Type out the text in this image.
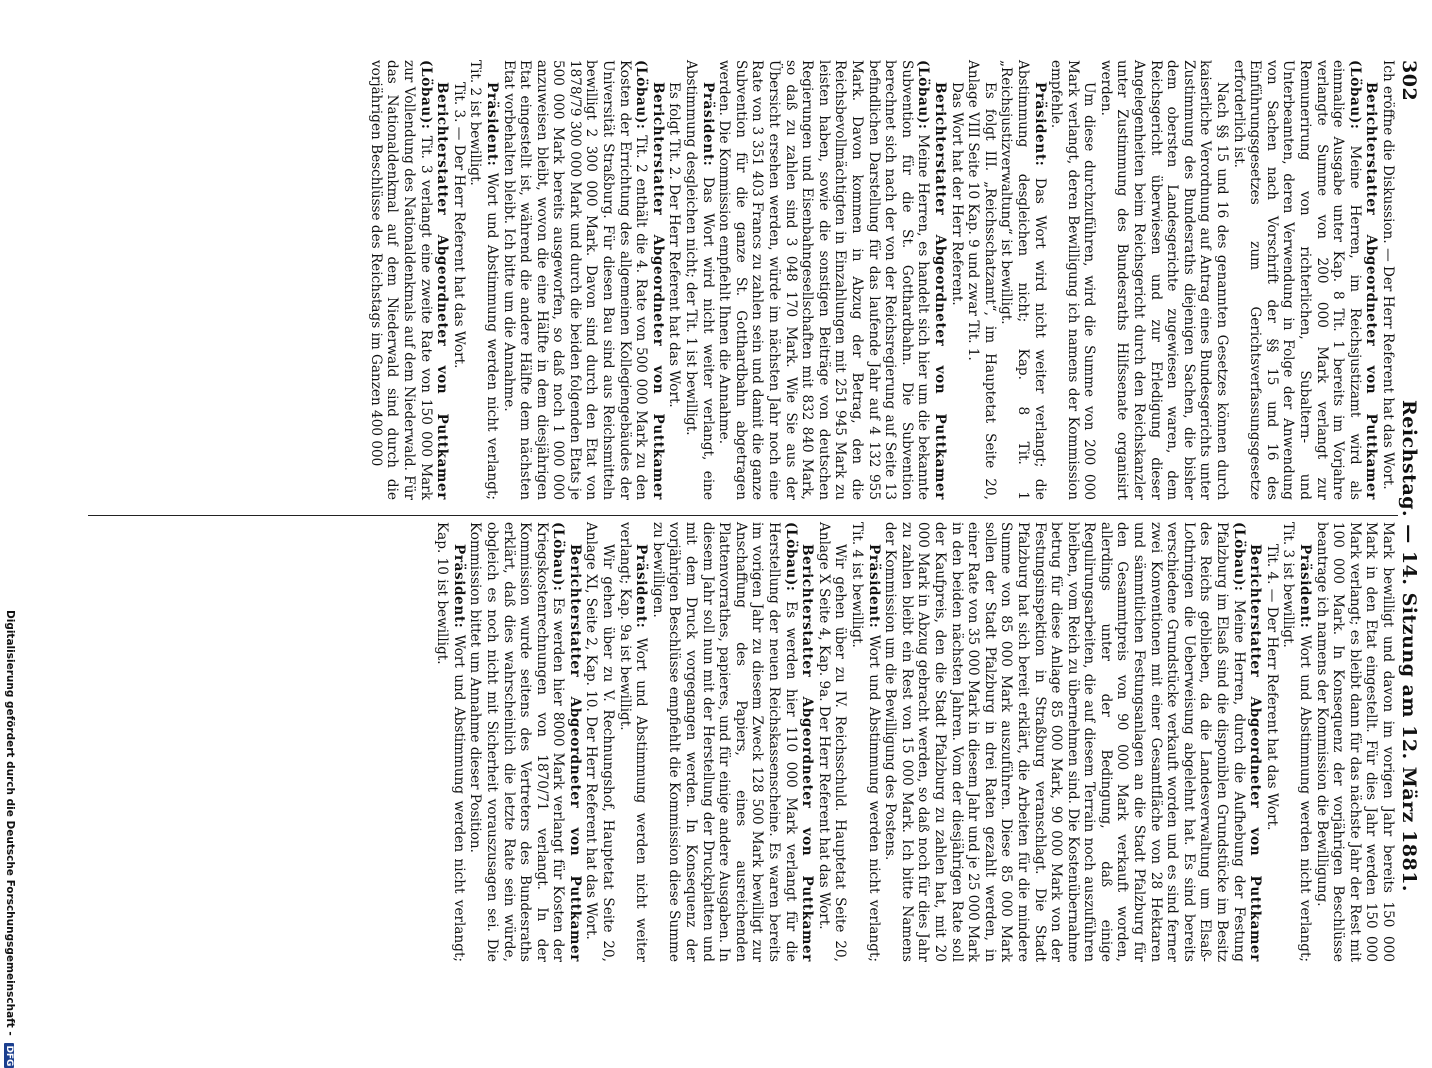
302
Reichstag. — 14. Sitzung am 12. März 1881.

Ich eröffne die Diskussion. — Der Herr Referent hat das Wort.

Berichterstatter Abgeordneter von Puttkamer (Löbau): Meine Herren, im Reichsjustizamt wird als einmalige Ausgabe unter Kap. 8 Tit. 1 bereits im Vorjahre verlangte Summe von 200 000 Mark verlangt zur Remunerirung von richterlichen, Subaltern- und Unterbeamten, deren Verwendung in Folge der Anwendung von Sachen nach Vorschrift der §§ 15 und 16 des Einführungsgesetzes zum Gerichtsverfassungsgesetze erforderlich ist.

Nach §§ 15 und 16 des genannten Gesetzes können durch kaiserliche Verordnung auf Antrag eines Bundesgerichts unter Zustimmung des Bundesraths diejenigen Sachen, die bisher dem obersten Landesgerichte zugewiesen waren, dem Reichsgericht überwiesen und zur Erledigung dieser Angelegenheiten beim Reichsgericht durch den Reichskanzler unter Zustimmung des Bundesraths Hilfssenate organisirt werden.

Um diese durchzuführen, wird die Summe von 200 000 Mark verlangt, deren Bewilligung ich namens der Kommission empfehle.

Präsident: Das Wort wird nicht weiter verlangt; die Abstimmung desgleichen nicht; Kap. 8 Tit. 1 „Reichsjustizverwaltung“ ist bewilligt.

Es folgt III. „Reichsschatzamt“, im Hauptetat Seite 20, Anlage VIII Seite 10 Kap. 9 und zwar Tit. 1.

Das Wort hat der Herr Referent.

Berichterstatter Abgeordneter von Puttkamer (Löbau): Meine Herren, es handelt sich hier um die bekannte Subvention für die St. Gotthardbahn. Die Subvention berechnet sich nach der von der Reichsregierung auf Seite 13 befindlichen Darstellung für das laufende Jahr auf 4 132 955 Mark. Davon kommen in Abzug der Betrag, den die Reichsbevollmächtigten in Einzahlungen mit 251 945 Mark zu leisten haben, sowie die sonstigen Beiträge von deutschen Regierungen und Eisenbahngesellschaften mit 832 840 Mark, so daß zu zahlen sind 3 048 170 Mark. Wie Sie aus der Übersicht ersehen werden, würde im nächsten Jahr noch eine Rate von 3 351 403 Francs zu zahlen sein und damit die ganze Subvention für die ganze St. Gotthardbahn abgetragen werden. Die Kommission empfiehlt Ihnen die Annahme.

Präsident: Das Wort wird nicht weiter verlangt, eine Abstimmung desgleichen nicht; der Tit. 1 ist bewilligt.

Es folgt Tit. 2. Der Herr Referent hat das Wort.

Berichterstatter Abgeordneter von Puttkamer (Löbau): Tit. 2 enthält die 4. Rate von 500 000 Mark zu den Kosten der Errichtung des allgemeinen Kollegiengebäudes der Universität Straßburg. Für diesen Bau sind aus Reichsmitteln bewilligt 2 300 000 Mark. Davon sind durch den Etat von 1878/79 300 000 Mark und durch die beiden folgenden Etats je 500 000 Mark bereits ausgeworfen, so daß noch 1 000 000 anzuweisen bleibt, wovon die eine Hälfte in dem diesjährigen Etat eingestellt ist, während die andere Hälfte dem nächsten Etat vorbehalten bleibt. Ich bitte um die Annahme.

Präsident: Wort und Abstimmung werden nicht verlangt; Tit. 2 ist bewilligt.

Tit. 3. — Der Herr Referent hat das Wort.

Berichterstatter Abgeordneter von Puttkamer (Löbau): Tit. 3 verlangt eine zweite Rate von 150 000 Mark zur Vollendung des Nationaldenkmals auf dem Niederwald. Für das Nationaldenkmal auf dem Niederwald sind durch die vorjährigen Beschlüsse des Reichstags im Ganzen 400 000

Mark bewilligt und davon im vorigen Jahr bereits 150 000 Mark in den Etat eingestellt. Für dies Jahr werden 150 000 Mark verlangt; es bleibt dann für das nächste Jahr der Rest mit 100 000 Mark. In Konsequenz der vorjährigen Beschlüsse beantrage ich namens der Kommission die Bewilligung.

Präsident: Wort und Abstimmung werden nicht verlangt; Tit. 3 ist bewilligt.

Tit. 4. — Der Herr Referent hat das Wort.

Berichterstatter Abgeordneter von Puttkamer (Löbau): Meine Herren, durch die Aufhebung der Festung Pfalzburg im Elsaß sind die disponiblen Grundstücke im Besitz des Reichs geblieben, da die Landesverwaltung um Elsaß-Lothringen die Ueberweisung abgelehnt hat. Es sind bereits verschiedene Grundstücke verkauft worden und es sind ferner zwei Konventionen mit einer Gesamtfläche von 28 Hektaren und sämmtlichen Festungsanlagen an die Stadt Pfalzburg für den Gesammtpreis von 90 000 Mark verkauft worden, allerdings unter der Bedingung, daß einige Regulirungsarbeiten, die auf diesem Terrain noch auszuführen bleiben, vom Reich zu übernehmen sind. Die Kostenübernahme betrug für diese Anlage 85 000 Mark, 90 000 Mark von der Festungsinspektion in Straßburg veranschlagt. Die Stadt Pfalzburg hat sich bereit erklärt, die Arbeiten für die mindere Summe von 85 000 Mark auszuführen. Diese 85 000 Mark sollen der Stadt Pfalzburg in drei Raten gezahlt werden, in einer Rate von 35 000 Mark in diesem Jahr und je 25 000 Mark in den beiden nächsten Jahren. Vom der diesjährigen Rate soll der Kaufpreis, den die Stadt Pfalzburg zu zahlen hat, mit 20 000 Mark in Abzug gebracht werden, so daß noch für dies Jahr zu zahlen bleibt ein Rest von 15 000 Mark. Ich bitte Namens der Kommission um die Bewilligung des Postens.

Präsident: Wort und Abstimmung werden nicht verlangt; Tit. 4 ist bewilligt.

Wir gehen über zu IV. Reichsschuld. Hauptetat Seite 20, Anlage X Seite 4, Kap. 9a. Der Herr Referent hat das Wort.

Berichterstatter Abgeordneter von Puttkamer (Löbau): Es werden hier 110 000 Mark verlangt für die Herstellung der neuen Reichskassenscheine. Es waren bereits im vorigen Jahr zu diesem Zweck 128 500 Mark bewilligt zur Anschaffung des Papiers, eines ausreichenden Plattenvorrathes, papieres, und für einige andere Ausgaben. In diesem Jahr soll nun mit der Herstellung der Druckplatten und mit dem Druck vorgegangen werden. In Konsequenz der vorjährigen Beschlüsse empfiehlt die Kommission diese Summe zu bewilligen.

Präsident: Wort und Abstimmung werden nicht weiter verlangt; Kap. 9a ist bewilligt.

Wir gehen über zu V. Rechnungshof, Hauptetat Seite 20, Anlage XI, Seite 2, Kap. 10. Der Herr Referent hat das Wort.

Berichterstatter Abgeordneter von Puttkamer (Löbau): Es werden hier 8000 Mark verlangt für Kosten der Kriegskostenrechnungen von 1870/71 verlangt. In der Kommission wurde seitens des Vertreters des Bundesraths erklärt, daß dies wahrscheinlich die letzte Rate sein würde, obgleich es noch nicht mit Sicherheit vorauszusagen sei. Die Kommission bittet um Annahme dieser Position.

Präsident: Wort und Abstimmung werden nicht verlangt; Kap. 10 ist bewilligt.

Digitalisierung gefördert durch die Deutsche Forschungsgemeinschaft - DFG
